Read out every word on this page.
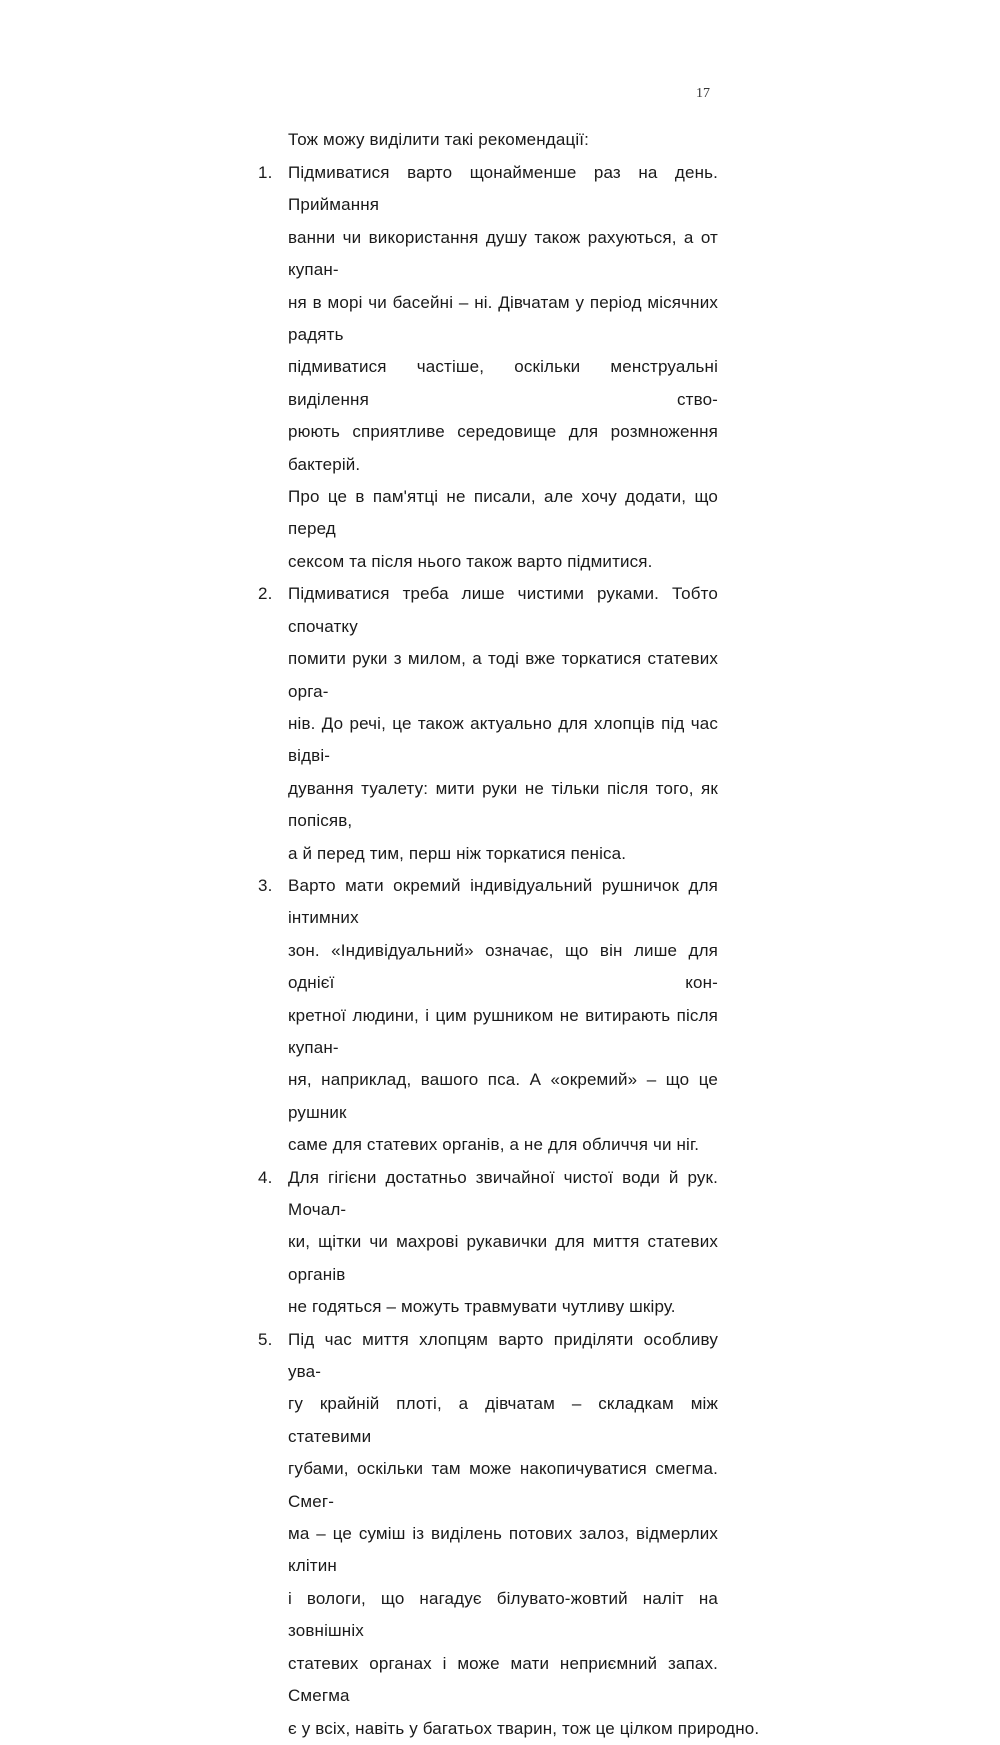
17
Тож можу виділити такі рекомендації:
1. Підмиватися варто щонайменше раз на день. Приймання
ванни чи використання душу також рахуються, а от купан-
ня в морі чи басейні – ні. Дівчатам у період місячних радять
підмиватися частіше, оскільки менструальні виділення ство-
рюють сприятливе середовище для розмноження бактерій.
Про це в пам'ятці не писали, але хочу додати, що перед
сексом та після нього також варто підмитися.
2. Підмиватися треба лише чистими руками. Тобто спочатку
помити руки з милом, а тоді вже торкатися статевих орга-
нів. До речі, це також актуально для хлопців під час відві-
дування туалету: мити руки не тільки після того, як попісяв,
а й перед тим, перш ніж торкатися пеніса.
3. Варто мати окремий індивідуальний рушничок для інтимних
зон. «Індивідуальний» означає, що він лише для однієї кон-
кретної людини, і цим рушником не витирають після купан-
ня, наприклад, вашого пса. А «окремий» – що це рушник
саме для статевих органів, а не для обличчя чи ніг.
4. Для гігієни достатньо звичайної чистої води й рук. Мочал-
ки, щітки чи махрові рукавички для миття статевих органів
не годяться – можуть травмувати чутливу шкіру.
5. Під час миття хлопцям варто приділяти особливу ува-
гу крайній плоті, а дівчатам – складкам між статевими
губами, оскільки там може накопичуватися смегма. Смег-
ма – це суміш із виділень потових залоз, відмерлих клітин
і вологи, що нагадує білувато-жовтий наліт на зовнішніх
статевих органах і може мати неприємний запах. Смегма
є у всіх, навіть у багатьох тварин, тож це цілком природно.
